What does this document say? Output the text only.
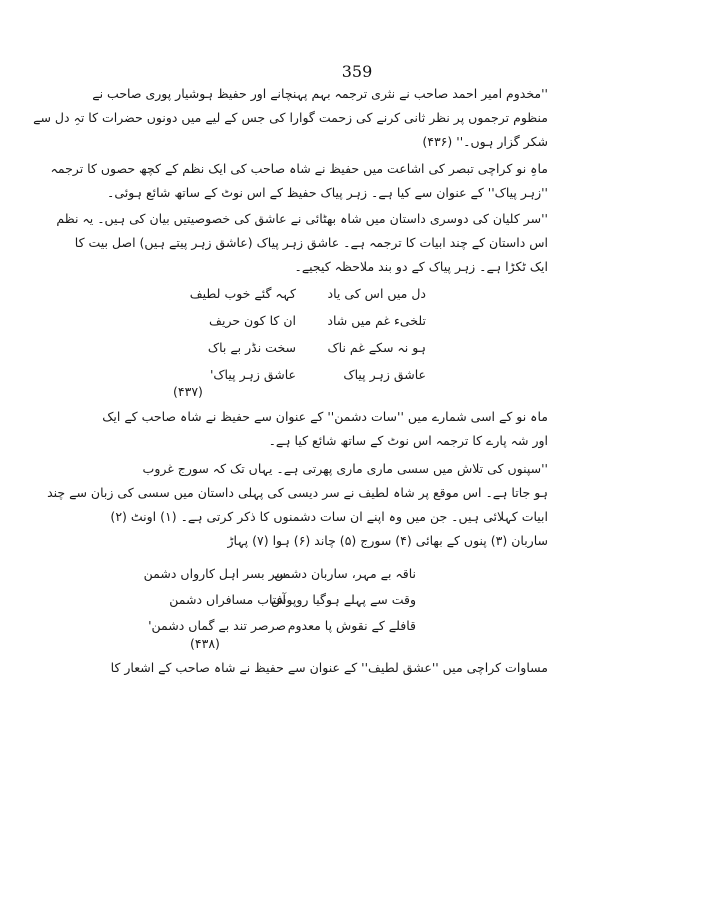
359
''مخدوم امیر احمد صاحب نے نثری ترجمہ بہم پہنچانے اور حفیظ ہوشیار پوری صاحب نے
منظوم ترجموں پر نظر ثانی کرنے کی زحمت گوارا کی جس کے لیے میں دونوں حضرات کا تہِ دل سے
شکر گزار ہوں۔'' (۴۳۶)
ماہِ نو کراچی تبصر کی اشاعت میں حفیظ نے شاہ صاحب کی ایک نظم کے کچھ حصوں کا ترجمہ
''زہر پیاک'' کے عنوان سے کیا ہے۔ زہر پیاک حفیظ کے اس نوٹ کے ساتھ شائع ہوئی۔
''سر کلیان کی دوسری داستان میں شاہ بھٹائی نے عاشق کی خصوصیتیں بیان کی ہیں۔ یہ نظم
اس داستان کے چند ابیات کا ترجمہ ہے۔ عاشق زہر پیاک (عاشق زہر پیتے ہیں) اصل بیت کا
ایک ٹکڑا ہے۔ زہر پیاک کے دو بند ملاحظہ کیجیے۔
دل میں اس کی یاد
کہہ گئے خوب لطیف
تلخیء غم میں شاد
ان کا کون حریف
ہو نہ سکے غم ناک
سخت نڈر بے باک
عاشق زہر پیاک
عاشق زہر پیاک'
(۴۳۷)
ماہ نو کے اسی شمارے میں ''سات دشمن'' کے عنوان سے حفیظ نے شاہ صاحب کے ایک
اور شہ پارے کا ترجمہ اس نوٹ کے ساتھ شائع کیا ہے۔
''سپنوں کی تلاش میں سسی ماری ماری پھرتی ہے۔ یہاں تک کہ سورج غروب
ہو جاتا ہے۔ اس موقع پر شاہ لطیف نے سر دیسی کی پہلی داستان میں سسی کی زبان سے چند
ابیات کہلائی ہیں۔ جن میں وہ اپنے ان سات دشمنوں کا ذکر کرتی ہے۔ (۱) اونٹ (۲)
ساربان (۳) پنوں کے بھائی (۴) سورج (۵) چاند (۶) ہوا (۷) پہاڑ
ناقہ بے مہر، ساربان دشمن
سر بسر اہل کارواں دشمن
وقت سے پہلے ہوگیا روپوش
آفتاب مسافراں دشمن
قافلے کے نقوش پا معدوم
صرصر تند بے گماں دشمن'
(۴۳۸)
مساوات کراچی میں ''عشق لطیف'' کے عنوان سے حفیظ نے شاہ صاحب کے اشعار کا
